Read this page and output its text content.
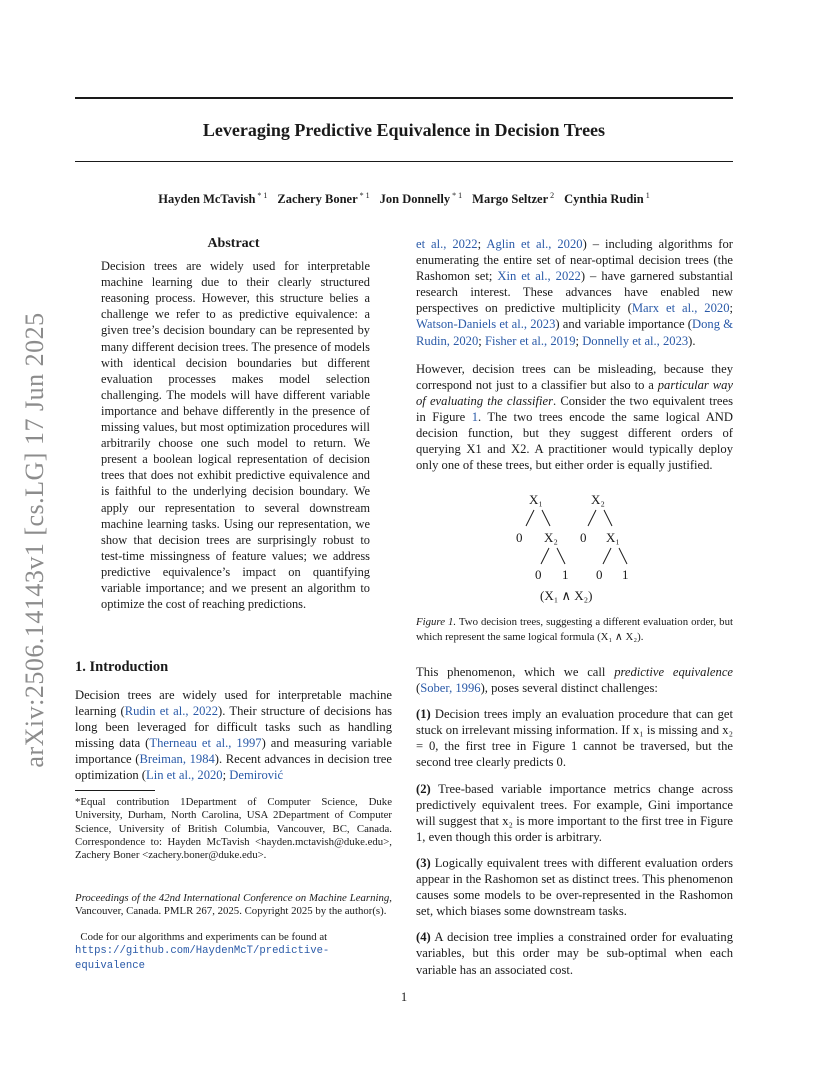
Leveraging Predictive Equivalence in Decision Trees
Hayden McTavish $^{* 1}$ Zachery Boner $^{* 1}$ Jon Donnelly $^{* 1}$ Margo Seltzer $^2$ Cynthia Rudin $^1$
arXiv:2506.14143v1 [cs.LG] 17 Jun 2025
Abstract

Decision trees are widely used for interpretable machine learning due to their clearly structured reasoning process. However, this structure belies a challenge we refer to as predictive equivalence: a given tree’s decision boundary can be represented by many different decision trees. The presence of models with identical decision boundaries but different evaluation processes makes model selection challenging. The models will have different variable importance and behave differently in the presence of missing values, but most optimization procedures will arbitrarily choose one such model to return. We present a boolean logical representation of decision trees that does not exhibit predictive equivalence and is faithful to the underlying decision boundary. We apply our representation to several downstream machine learning tasks. Using our representation, we show that decision trees are surprisingly robust to test-time missingness of feature values; we address predictive equivalence’s impact on quantifying variable importance; and we present an algorithm to optimize the cost of reaching predictions.

1. Introduction

Decision trees are widely used for interpretable machine learning (Rudin et al., 2022). Their structure of decisions has long been leveraged for difficult tasks such as handling missing data (Therneau et al., 1997) and measuring variable importance (Breiman, 1984). Recent advances in decision tree optimization (Lin et al., 2020; Demirović

*Equal contribution 1Department of Computer Science, Duke University, Durham, North Carolina, USA 2Department of Computer Science, University of British Columbia, Vancouver, BC, Canada. Correspondence to: Hayden McTavish <hayden.mctavish@duke.edu>, Zachery Boner <zachery.boner@duke.edu>.

Proceedings of the 42nd International Conference on Machine Learning, Vancouver, Canada. PMLR 267, 2025. Copyright 2025 by the author(s).

Code for our algorithms and experiments can be found at https://github.com/HaydenMcT/predictive-equivalence

et al., 2022; Aglin et al., 2020) – including algorithms for enumerating the entire set of near-optimal decision trees (the Rashomon set; Xin et al., 2022) – have garnered substantial research interest. These advances have enabled new perspectives on predictive multiplicity (Marx et al., 2020; Watson-Daniels et al., 2023) and variable importance (Dong & Rudin, 2020; Fisher et al., 2019; Donnelly et al., 2023).

However, decision trees can be misleading, because they correspond not just to a classifier but also to a particular way of evaluating the classifier. Consider the two equivalent trees in Figure 1. The two trees encode the same logical AND decision function, but they suggest different orders of querying X1 and X2. A practitioner would typically deploy only one of these trees, but either order is equally justified.

X₁
0 X₂
0 1
X₂
0 X₁
0 1
(X₁ ∧ X₂)

Figure 1. Two decision trees, suggesting a different evaluation order, but which represent the same logical formula (X₁ ∧ X₂).

This phenomenon, which we call predictive equivalence (Sober, 1996), poses several distinct challenges:

(1) Decision trees imply an evaluation procedure that can get stuck on irrelevant missing information. If x₁ is missing and x₂ = 0, the first tree in Figure 1 cannot be traversed, but the second tree clearly predicts 0.

(2) Tree-based variable importance metrics change across predictively equivalent trees. For example, Gini importance will suggest that x₂ is more important to the first tree in Figure 1, even though this order is arbitrary.

(3) Logically equivalent trees with different evaluation orders appear in the Rashomon set as distinct trees. This phenomenon causes some models to be over-represented in the Rashomon set, which biases some downstream tasks.

(4) A decision tree implies a constrained order for evaluating variables, but this order may be sub-optimal when each variable has an associated cost.

1
